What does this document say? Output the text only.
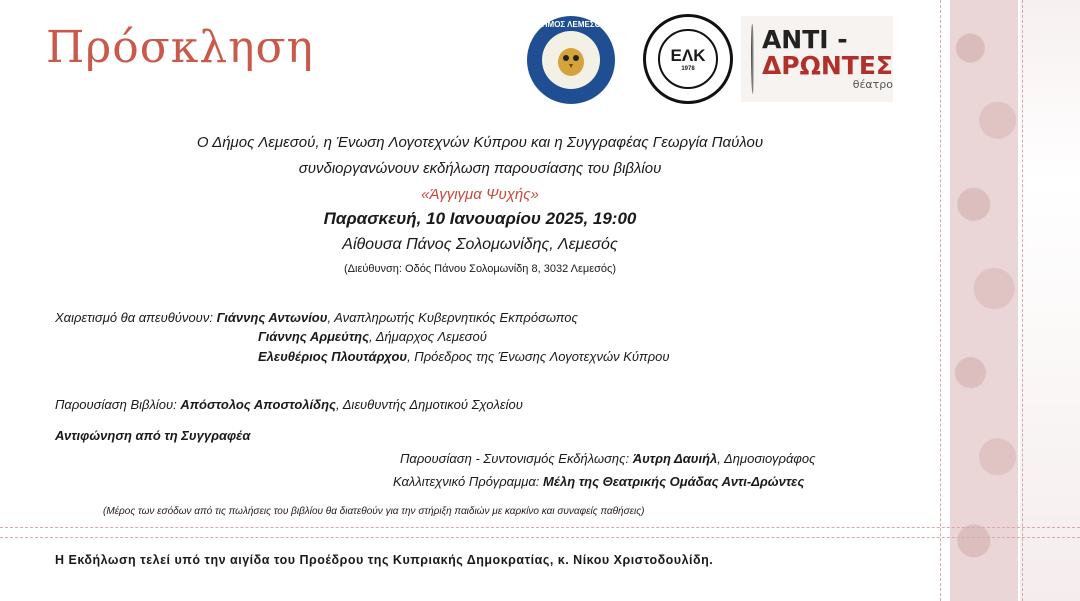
Πρόσκληση	ΔΗΜΟΣ ΛΕΜΕΣΟΥ
ΕΛΚ
1978
ΑΝΤΙ -
ΔΡΩΝΤΕΣ
θέατρο
Ο Δήμος Λεμεσού, η Ένωση Λογοτεχνών Κύπρου και η Συγγραφέας Γεωργία Παύλου
συνδιοργανώνουν εκδήλωση παρουσίασης του βιβλίου
«Άγγιγμα Ψυχής»
Παρασκευή, 10 Ιανουαρίου 2025, 19:00
Αίθουσα Πάνος Σολομωνίδης, Λεμεσός
(Διεύθυνση: Οδός Πάνου Σολομωνίδη 8, 3032 Λεμεσός)
Χαιρετισμό θα απευθύνουν: Γιάννης Αντωνίου, Αναπληρωτής Κυβερνητικός Εκπρόσωπος
Γιάννης Αρμεύτης, Δήμαρχος Λεμεσού
Ελευθέριος Πλουτάρχου, Πρόεδρος της Ένωσης Λογοτεχνών Κύπρου
Παρουσίαση Βιβλίου: Απόστολος Αποστολίδης, Διευθυντής Δημοτικού Σχολείου
Αντιφώνηση από τη Συγγραφέα
Παρουσίαση - Συντονισμός Εκδήλωσης: Άυτρη Δαυιήλ, Δημοσιογράφος
Καλλιτεχνικό Πρόγραμμα: Μέλη της Θεατρικής Ομάδας Αντι-Δρώντες
(Μέρος των εσόδων από τις πωλήσεις του βιβλίου θα διατεθούν για την στήριξη παιδιών με καρκίνο και συναφείς παθήσεις)
Η Εκδήλωση τελεί υπό την αιγίδα του Προέδρου της Κυπριακής Δημοκρατίας, κ. Νίκου Χριστοδουλίδη.
